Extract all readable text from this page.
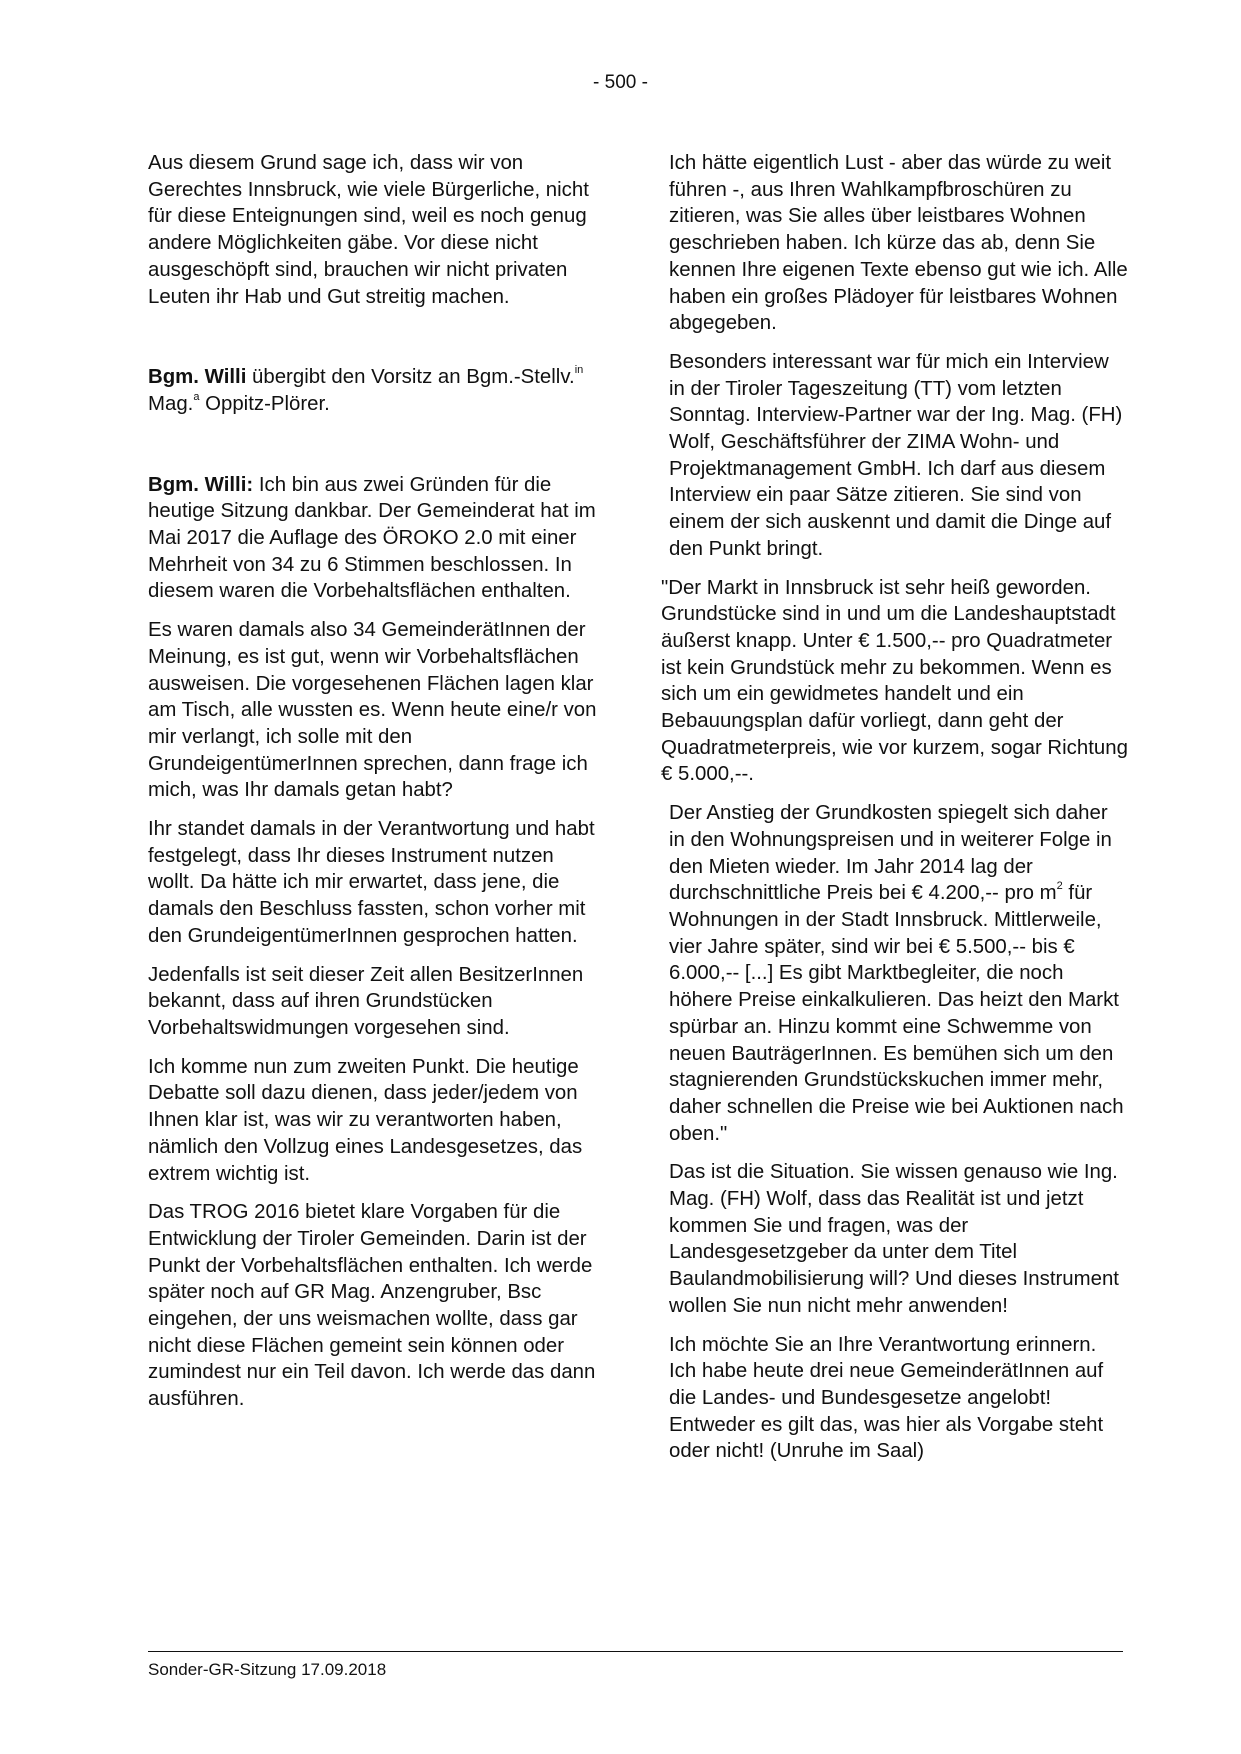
- 500 -

Aus diesem Grund sage ich, dass wir von Gerechtes Innsbruck, wie viele Bürgerliche, nicht für diese Enteignungen sind, weil es noch genug andere Möglichkeiten gäbe. Vor diese nicht ausgeschöpft sind, brauchen wir nicht privaten Leuten ihr Hab und Gut streitig machen.

Bgm. Willi übergibt den Vorsitz an Bgm.-Stellv.$^{in}$ Mag.$^a$ Oppitz-Plörer.

Bgm. Willi: Ich bin aus zwei Gründen für die heutige Sitzung dankbar. Der Gemeinderat hat im Mai 2017 die Auflage des ÖROKO 2.0 mit einer Mehrheit von 34 zu 6 Stimmen beschlossen. In diesem waren die Vorbehaltsflächen enthalten.

Es waren damals also 34 GemeinderätInnen der Meinung, es ist gut, wenn wir Vorbehaltsflächen ausweisen. Die vorgesehenen Flächen lagen klar am Tisch, alle wussten es. Wenn heute eine/r von mir verlangt, ich solle mit den GrundeigentümerInnen sprechen, dann frage ich mich, was Ihr damals getan habt?

Ihr standet damals in der Verantwortung und habt festgelegt, dass Ihr dieses Instrument nutzen wollt. Da hätte ich mir erwartet, dass jene, die damals den Beschluss fassten, schon vorher mit den GrundeigentümerInnen gesprochen hatten.

Jedenfalls ist seit dieser Zeit allen BesitzerInnen bekannt, dass auf ihren Grundstücken Vorbehaltswidmungen vorgesehen sind.

Ich komme nun zum zweiten Punkt. Die heutige Debatte soll dazu dienen, dass jeder/jedem von Ihnen klar ist, was wir zu verantworten haben, nämlich den Vollzug eines Landesgesetzes, das extrem wichtig ist.

Das TROG 2016 bietet klare Vorgaben für die Entwicklung der Tiroler Gemeinden. Darin ist der Punkt der Vorbehaltsflächen enthalten. Ich werde später noch auf GR Mag. Anzengruber, Bsc eingehen, der uns weismachen wollte, dass gar nicht diese Flächen gemeint sein können oder zumindest nur ein Teil davon. Ich werde das dann ausführen.

Ich hätte eigentlich Lust - aber das würde zu weit führen -, aus Ihren Wahlkampfbroschüren zu zitieren, was Sie alles über leistbares Wohnen geschrieben haben. Ich kürze das ab, denn Sie kennen Ihre eigenen Texte ebenso gut wie ich. Alle haben ein großes Plädoyer für leistbares Wohnen abgegeben.

Besonders interessant war für mich ein Interview in der Tiroler Tageszeitung (TT) vom letzten Sonntag. Interview-Partner war der Ing. Mag. (FH) Wolf, Geschäftsführer der ZIMA Wohn- und Projektmanagement GmbH. Ich darf aus diesem Interview ein paar Sätze zitieren. Sie sind von einem der sich auskennt und damit die Dinge auf den Punkt bringt.

"Der Markt in Innsbruck ist sehr heiß geworden. Grundstücke sind in und um die Landeshauptstadt äußerst knapp. Unter € 1.500,-- pro Quadratmeter ist kein Grundstück mehr zu bekommen. Wenn es sich um ein gewidmetes handelt und ein Bebauungsplan dafür vorliegt, dann geht der Quadratmeterpreis, wie vor kurzem, sogar Richtung € 5.000,--.

Der Anstieg der Grundkosten spiegelt sich daher in den Wohnungspreisen und in weiterer Folge in den Mieten wieder. Im Jahr 2014 lag der durchschnittliche Preis bei € 4.200,-- pro $m^2$ für Wohnungen in der Stadt Innsbruck. Mittlerweile, vier Jahre später, sind wir bei € 5.500,-- bis € 6.000,-- [...] Es gibt Marktbegleiter, die noch höhere Preise einkalkulieren. Das heizt den Markt spürbar an. Hinzu kommt eine Schwemme von neuen BauträgerInnen. Es bemühen sich um den stagnierenden Grundstückskuchen immer mehr, daher schnellen die Preise wie bei Auktionen nach oben."

Das ist die Situation. Sie wissen genauso wie Ing. Mag. (FH) Wolf, dass das Realität ist und jetzt kommen Sie und fragen, was der Landesgesetzgeber da unter dem Titel Baulandmobilisierung will? Und dieses Instrument wollen Sie nun nicht mehr anwenden!

Ich möchte Sie an Ihre Verantwortung erinnern. Ich habe heute drei neue GemeinderätInnen auf die Landes- und Bundesgesetze angelobt! Entweder es gilt das, was hier als Vorgabe steht oder nicht! (Unruhe im Saal)

Sonder-GR-Sitzung 17.09.2018
